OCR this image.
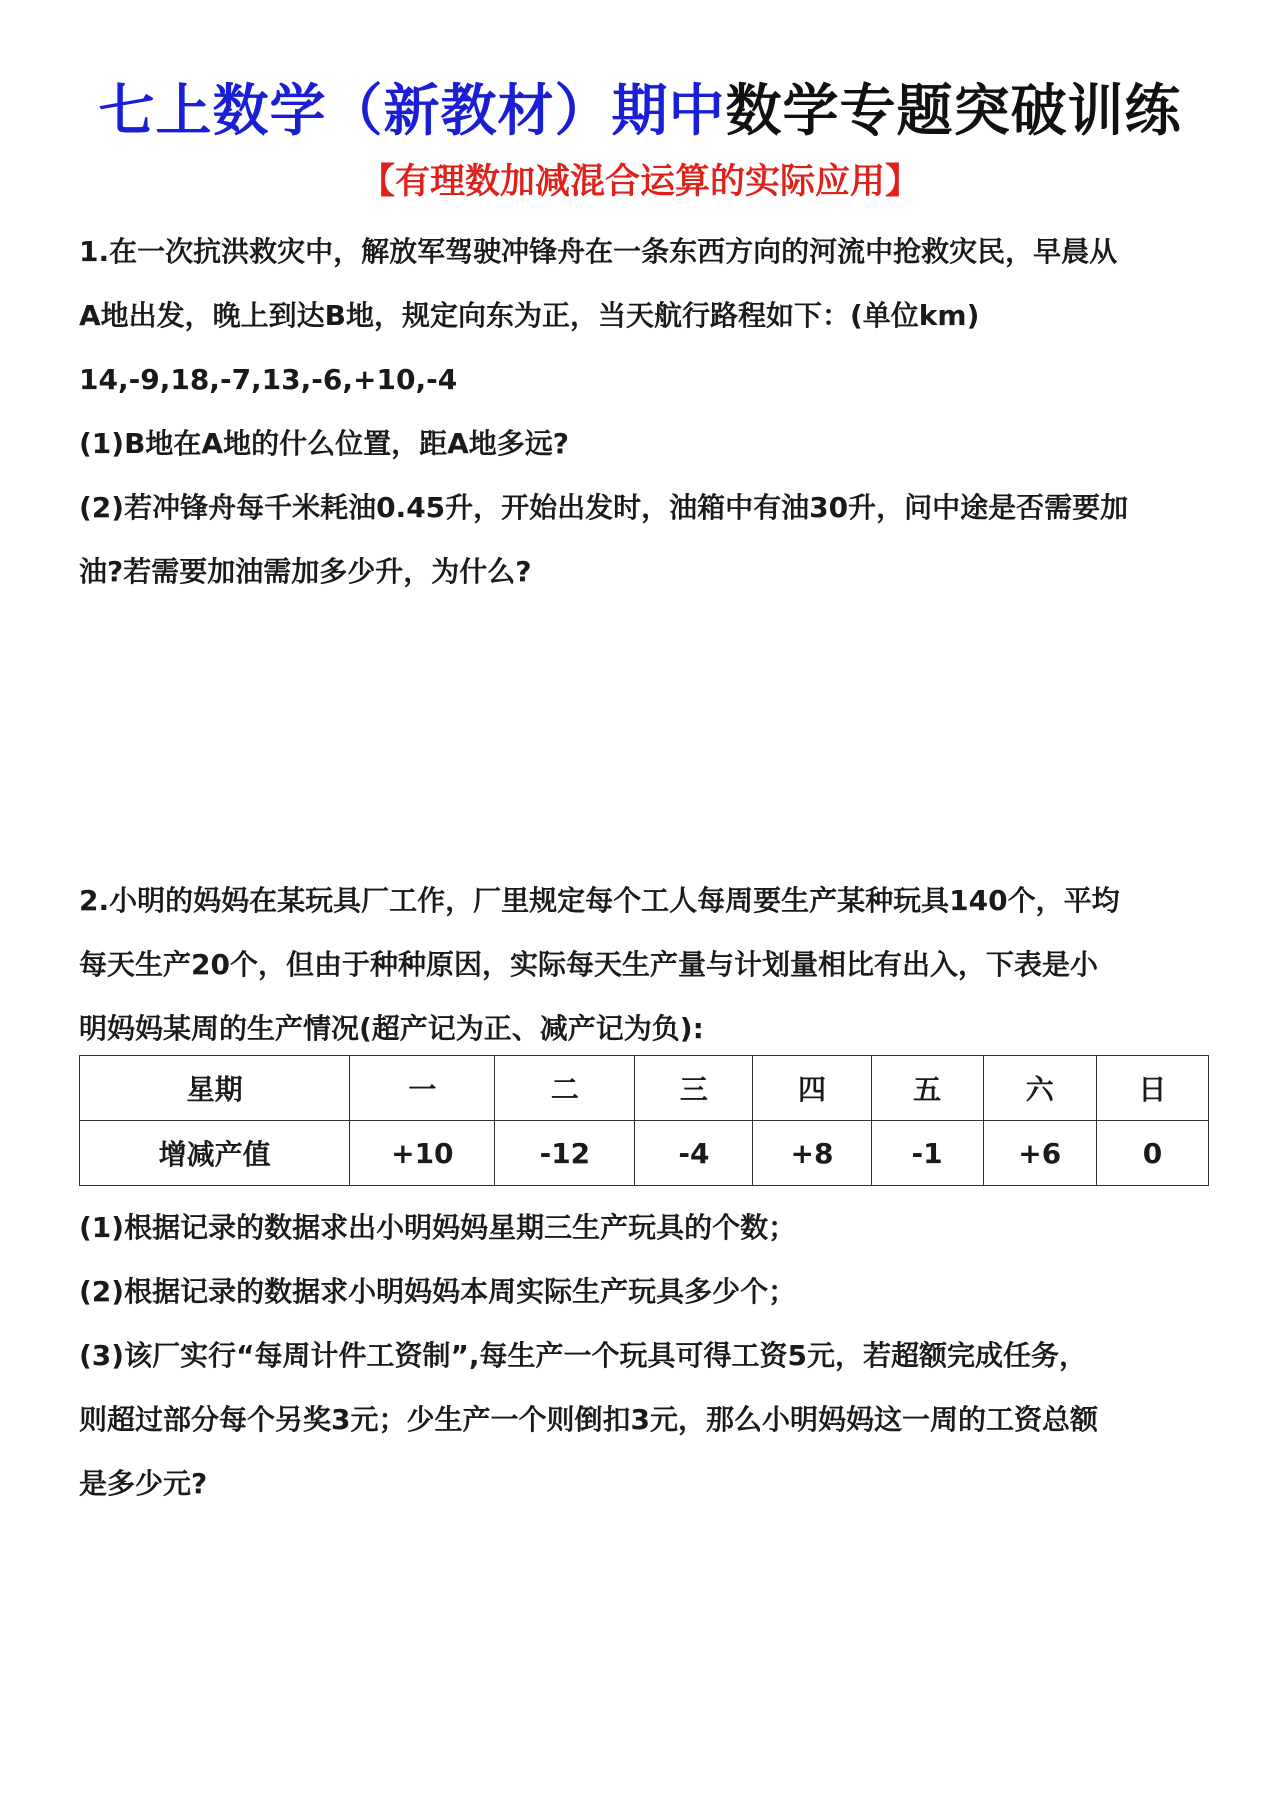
七上数学（新教材）期中数学专题突破训练
【有理数加减混合运算的实际应用】
1.在一次抗洪救灾中，解放军驾驶冲锋舟在一条东西方向的河流中抢救灾民，早晨从
A地出发，晚上到达B地，规定向东为正，当天航行路程如下：(单位km)
14,-9,18,-7,13,-6,+10,-4
(1)B地在A地的什么位置，距A地多远?
(2)若冲锋舟每千米耗油0.45升，开始出发时，油箱中有油30升，问中途是否需要加
油?若需要加油需加多少升，为什么?
2.小明的妈妈在某玩具厂工作，厂里规定每个工人每周要生产某种玩具140个，平均
每天生产20个，但由于种种原因，实际每天生产量与计划量相比有出入，下表是小
明妈妈某周的生产情况(超产记为正、减产记为负):
星期	一	二	三	四	五	六	日
增减产值	+10	-12	-4	+8	-1	+6	0
(1)根据记录的数据求出小明妈妈星期三生产玩具的个数；
(2)根据记录的数据求小明妈妈本周实际生产玩具多少个；
(3)该厂实行“每周计件工资制”,每生产一个玩具可得工资5元，若超额完成任务，
则超过部分每个另奖3元；少生产一个则倒扣3元，那么小明妈妈这一周的工资总额
是多少元?
